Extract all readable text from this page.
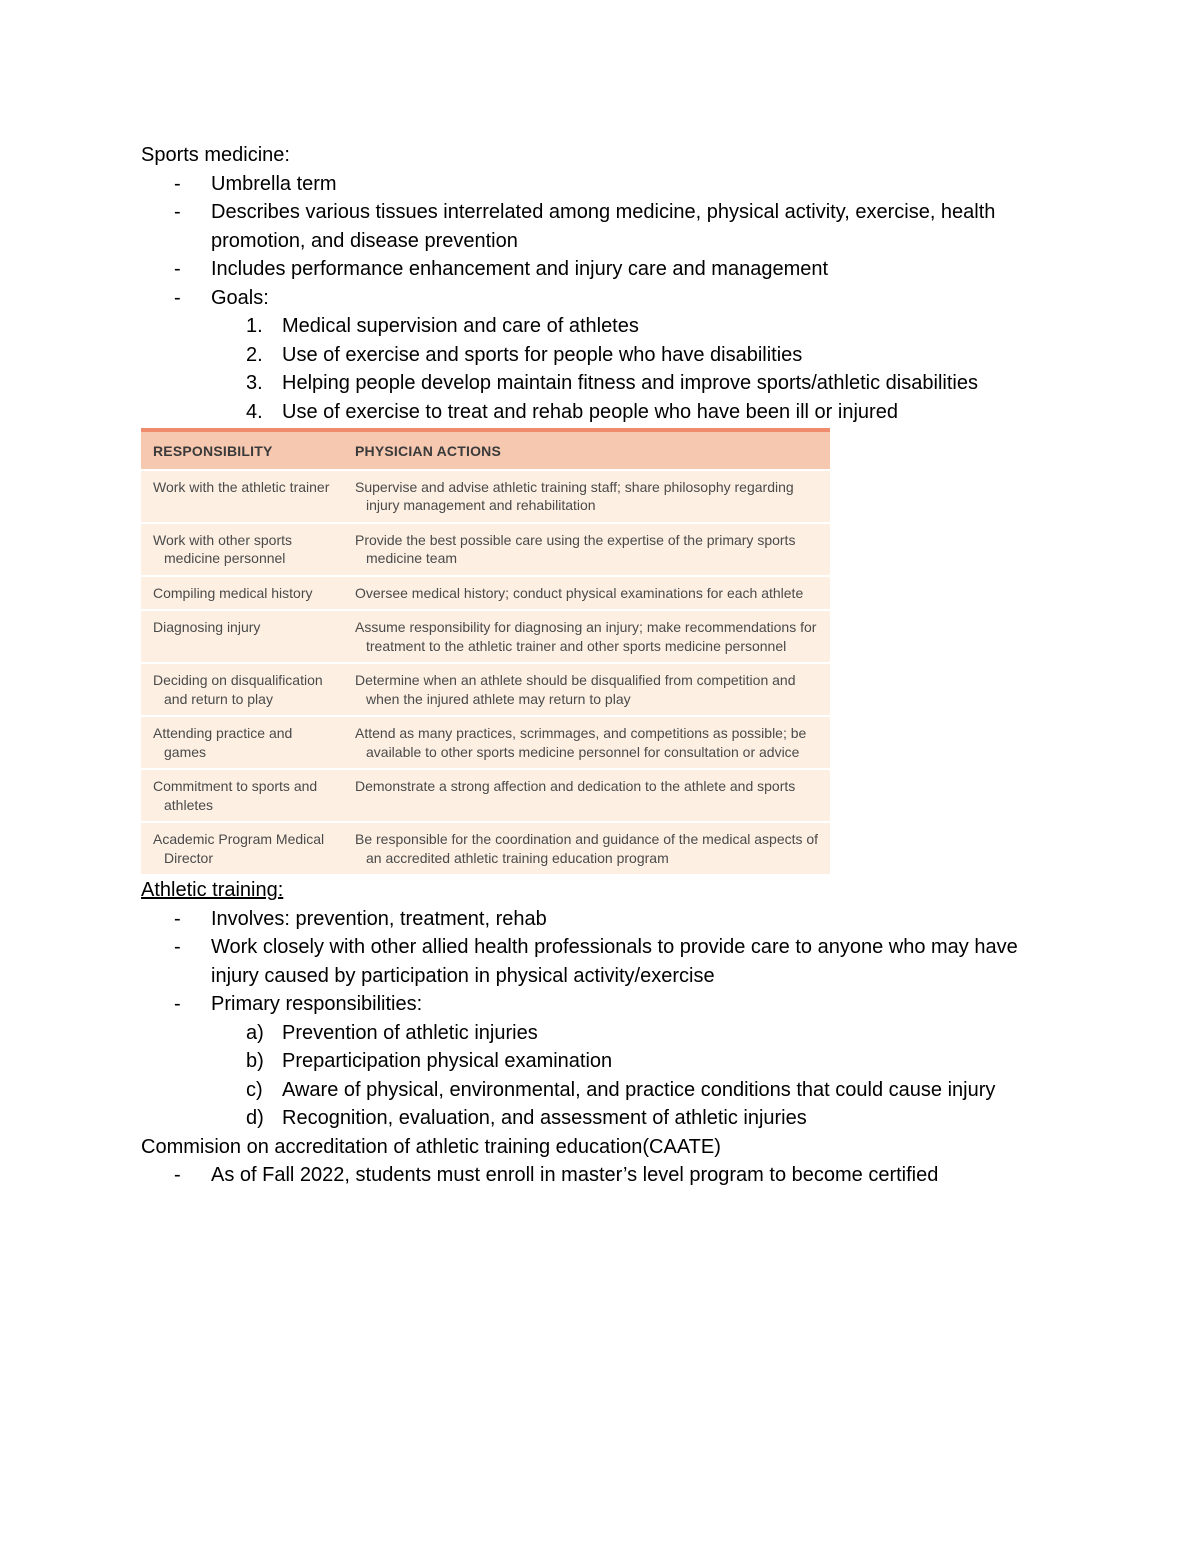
Sports medicine:

- Umbrella term
- Describes various tissues interrelated among medicine, physical activity, exercise, health promotion, and disease prevention
- Includes performance enhancement and injury care and management
- Goals:
1. Medical supervision and care of athletes
2. Use of exercise and sports for people who have disabilities
3. Helping people develop maintain fitness and improve sports/athletic disabilities
4. Use of exercise to treat and rehab people who have been ill or injured
RESPONSIBILITY	PHYSICIAN ACTIONS

Work with the athletic trainer	Supervise and advise athletic training staff; share philosophy regarding injury management and rehabilitation

Work with other sports medicine personnel	Provide the best possible care using the expertise of the primary sports medicine team

Compiling medical history	Oversee medical history; conduct physical examinations for each athlete

Diagnosing injury	Assume responsibility for diagnosing an injury; make recommendations for treatment to the athletic trainer and other sports medicine personnel

Deciding on disqualification and return to play	Determine when an athlete should be disqualified from competition and when the injured athlete may return to play

Attending practice and games	Attend as many practices, scrimmages, and competitions as possible; be available to other sports medicine personnel for consultation or advice

Commitment to sports and athletes	Demonstrate a strong affection and dedication to the athlete and sports

Academic Program Medical Director	Be responsible for the coordination and guidance of the medical aspects of an accredited athletic training education program

Athletic training:

- Involves: prevention, treatment, rehab
- Work closely with other allied health professionals to provide care to anyone who may have injury caused by participation in physical activity/exercise
- Primary responsibilities:
a) Prevention of athletic injuries
b) Preparticipation physical examination
c) Aware of physical, environmental, and practice conditions that could cause injury
d) Recognition, evaluation, and assessment of athletic injuries

Commision on accreditation of athletic training education(CAATE)

- As of Fall 2022, students must enroll in master’s level program to become certified
